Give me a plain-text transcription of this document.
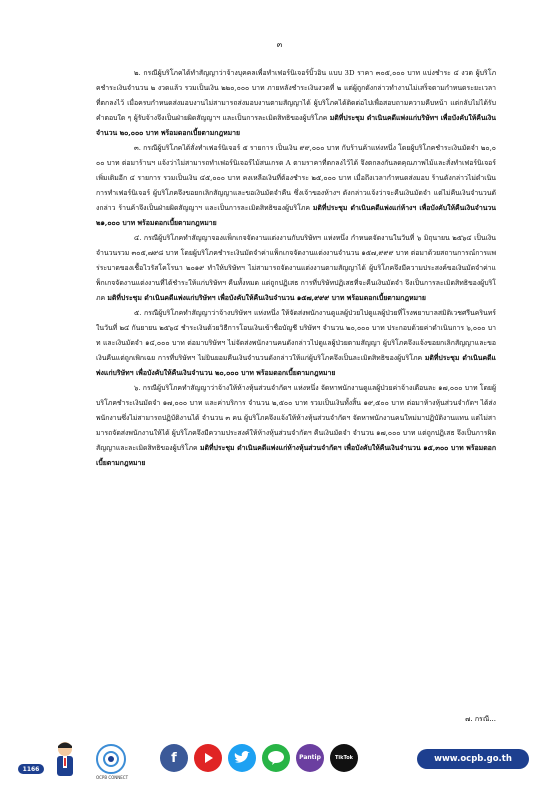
๓

๒. กรณีผู้บริโภคได้ทำสัญญาว่าจ้างบุคคลเพื่อทำเฟอร์นิเจอร์บิ้วอิน แบบ 3D ราคา ๓๐๕,๐๐๐ บาท แบ่งชำระ ๔ งวด ผู้บริโภคชำระเงินจำนวน ๒ งวดแล้ว รวมเป็นเงิน ๒๒๐,๐๐๐ บาท ภายหลังชำระเงินงวดที่ ๒ แต่ผู้ถูกดังกล่าวทำงานไม่เสร็จตามกำหนดระยะเวลาที่ตกลงไว้ เมื่อครบกำหนดส่งมอบงานไม่สามารถส่งมอบงานตามสัญญาได้ ผู้บริโภคได้ติดต่อไปเพื่อสอบถามความคืบหน้า แต่กลับไม่ได้รับคำตอบใด ๆ ผู้รับจ้างจึงเป็นฝ่ายผิดสัญญาฯ และเป็นการละเมิดสิทธิของผู้บริโภค มติที่ประชุม ดำเนินคดีแพ่งแก่บริษัทฯ เพื่อบังคับให้คืนเงินจำนวน ๒๐,๐๐๐ บาท พร้อมดอกเบี้ยตามกฎหมาย

๓. กรณีผู้บริโภคได้สั่งทำเฟอร์นิเจอร์ ๕ รายการ เป็นเงิน ๙๙,๐๐๐ บาท กับร้านค้าแห่งหนึ่ง โดยผู้บริโภคชำระเงินมัดจำ ๒๐,๐๐๐ บาท ต่อมาร้านฯ แจ้งว่าไม่สามารถทำเฟอร์นิเจอร์ไม้สนเกรด A ตามราคาที่ตกลงไว้ได้ จึงตกลงกันลดคุณภาพไม้และสั่งทำเฟอร์นิเจอร์เพิ่มเติมอีก ๔ รายการ รวมเป็นเงิน ๔๕,๐๐๐ บาท คงเหลือเงินที่ต้องชำระ ๒๕,๐๐๐ บาท เมื่อถึงเวลากำหนดส่งมอบ ร้านดังกล่าวไม่ดำเนินการทำเฟอร์นิเจอร์ ผู้บริโภคจึงขอยกเลิกสัญญาและขอเงินมัดจำคืน ซึ่งเจ้าของห้างฯ ดังกล่าวแจ้งว่าจะคืนเงินมัดจำ แต่ไม่คืนเงินจำนวนดังกล่าว ร้านค้าจึงเป็นฝ่ายผิดสัญญาฯ และเป็นการละเมิดสิทธิของผู้บริโภค มติที่ประชุม ดำเนินคดีแพ่งแก่ห้างฯ เพื่อบังคับให้คืนเงินจำนวน ๒๑,๐๐๐ บาท พร้อมดอกเบี้ยตามกฎหมาย

๔. กรณีผู้บริโภคทำสัญญาจองแพ็กเกจจัดงานแต่งงานกับบริษัทฯ แห่งหนึ่ง กำหนดจัดงานในวันที่ ๖ มิถุนายน ๒๕๖๔ เป็นเงินจำนวนรวม ๓๐๕,๗๙๘ บาท โดยผู้บริโภคชำระเงินมัดจำค่าแพ็กเกจจัดงานแต่งงานจำนวน ๑๕๗,๙๙๙ บาท ต่อมาด้วยสถานการณ์การแพร่ระบาดของเชื้อไวรัสโคโรนา ๒๐๑๙ ทำให้บริษัทฯ ไม่สามารถจัดงานแต่งงานตามสัญญาได้ ผู้บริโภคจึงมีความประสงค์ขอเงินมัดจำค่าแพ็กเกจจัดงานแต่งงานที่ได้ชำระให้แก่บริษัทฯ คืนทั้งหมด แต่ถูกปฏิเสธ การที่บริษัทปฏิเสธที่จะคืนเงินมัดจำ จึงเป็นการละเมิดสิทธิของผู้บริโภค มติที่ประชุม ดำเนินคดีแพ่งแก่บริษัทฯ เพื่อบังคับให้คืนเงินจำนวน ๑๕๗,๙๙๙ บาท พร้อมดอกเบี้ยตามกฎหมาย

๕. กรณีผู้บริโภคทำสัญญาว่าจ้างบริษัทฯ แห่งหนึ่ง ให้จัดส่งพนักงานดูแลผู้ป่วยไปดูแลผู้ป่วยที่โรงพยาบาลสมิติเวชศรีนครินทร์ ในวันที่ ๒๔ กันยายน ๒๕๖๔ ชำระเงินด้วยวิธีการโอนเงินเข้าชื่อบัญชี บริษัทฯ จำนวน ๒๐,๐๐๐ บาท ประกอบด้วยค่าดำเนินการ ๖,๐๐๐ บาท และเงินมัดจำ ๑๔,๐๐๐ บาท ต่อมาบริษัทฯ ไม่จัดส่งพนักงานคนดังกล่าวไปดูแลผู้ป่วยตามสัญญา ผู้บริโภคจึงแจ้งขอยกเลิกสัญญาและขอเงินคืนแต่ถูกเพิกเฉย การที่บริษัทฯ ไม่ยินยอมคืนเงินจำนวนดังกล่าวให้แก่ผู้บริโภคจึงเป็นละเมิดสิทธิของผู้บริโภค มติที่ประชุม ดำเนินคดีแพ่งแก่บริษัทฯ เพื่อบังคับให้คืนเงินจำนวน ๒๐,๐๐๐ บาท พร้อมดอกเบี้ยตามกฎหมาย

๖. กรณีผู้บริโภคทำสัญญาว่าจ้างให้ห้างหุ้นส่วนจำกัดฯ แห่งหนึ่ง จัดหาพนักงานดูแลผู้ป่วยค่าจ้างเดือนละ ๑๗,๐๐๐ บาท โดยผู้บริโภคชำระเงินมัดจำ ๑๗,๐๐๐ บาท และค่าบริการ จำนวน ๒,๕๐๐ บาท รวมเป็นเงินทั้งสิ้น ๑๙,๕๐๐ บาท ต่อมาห้างหุ้นส่วนจำกัดฯ ได้ส่งพนักงานซึ่งไม่สามารถปฏิบัติงานได้ จำนวน ๓ คน ผู้บริโภคจึงแจ้งให้ห้างหุ้นส่วนจำกัดฯ จัดหาพนักงานคนใหม่มาปฏิบัติงานแทน แต่ไม่สามารถจัดส่งพนักงานให้ได้ ผู้บริโภคจึงมีความประสงค์ให้ห้างหุ้นส่วนจำกัดฯ คืนเงินมัดจำ จำนวน ๑๗,๐๐๐ บาท แต่ถูกปฏิเสธ จึงเป็นการผิดสัญญาและละเมิดสิทธิของผู้บริโภค มติที่ประชุม ดำเนินคดีแพ่งแก่ห้างหุ้นส่วนจำกัดฯ เพื่อบังคับให้คืนเงินจำนวน ๑๕,๓๐๐ บาท พร้อมดอกเบี้ยตามกฎหมาย

๗. กรณี...
1166
OCPB CONNECT
f	Pantip	TikTok	www.ocpb.go.th
